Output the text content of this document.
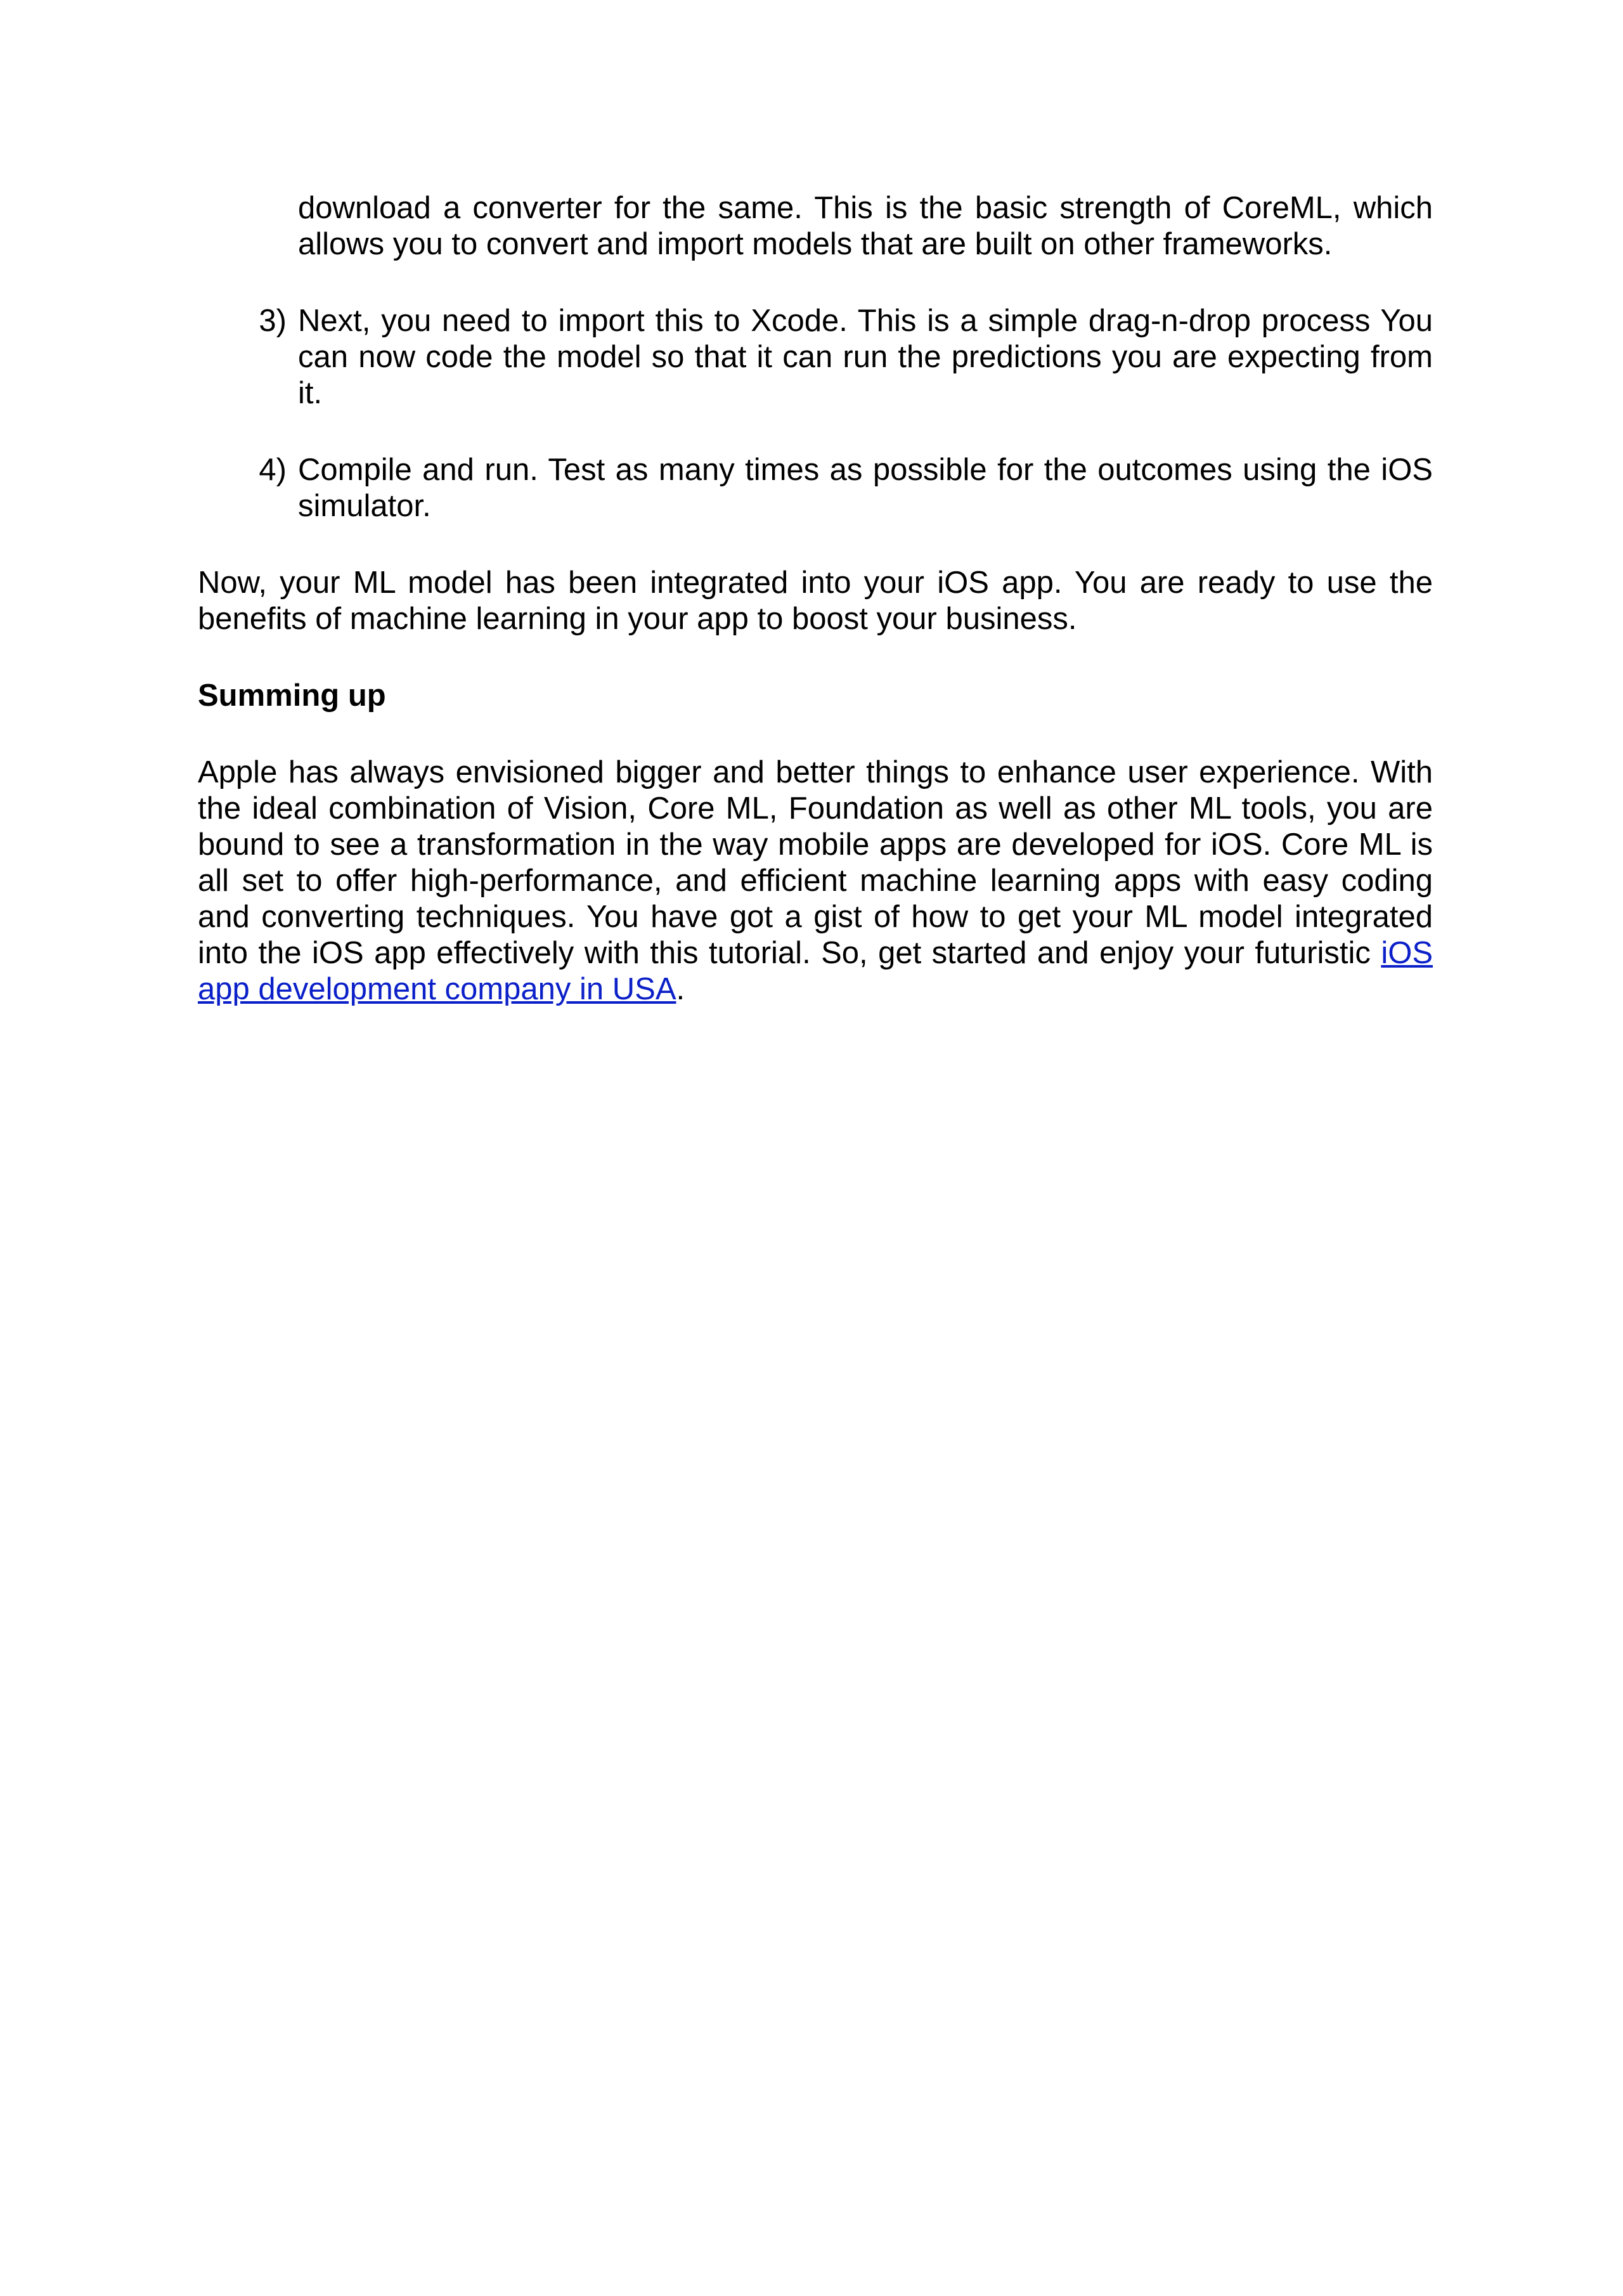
download a converter for the same. This is the basic strength of CoreML, which allows you to convert and import models that are built on other frameworks.

3) Next, you need to import this to Xcode. This is a simple drag-n-drop process You can now code the model so that it can run the predictions you are expecting from it.

4) Compile and run. Test as many times as possible for the outcomes using the iOS simulator.

Now, your ML model has been integrated into your iOS app. You are ready to use the benefits of machine learning in your app to boost your business.

Summing up

Apple has always envisioned bigger and better things to enhance user experience. With the ideal combination of Vision, Core ML, Foundation as well as other ML tools, you are bound to see a transformation in the way mobile apps are developed for iOS. Core ML is all set to offer high-performance, and efficient machine learning apps with easy coding and converting techniques. You have got a gist of how to get your ML model integrated into the iOS app effectively with this tutorial. So, get started and enjoy your futuristic iOS app development company in USA.
